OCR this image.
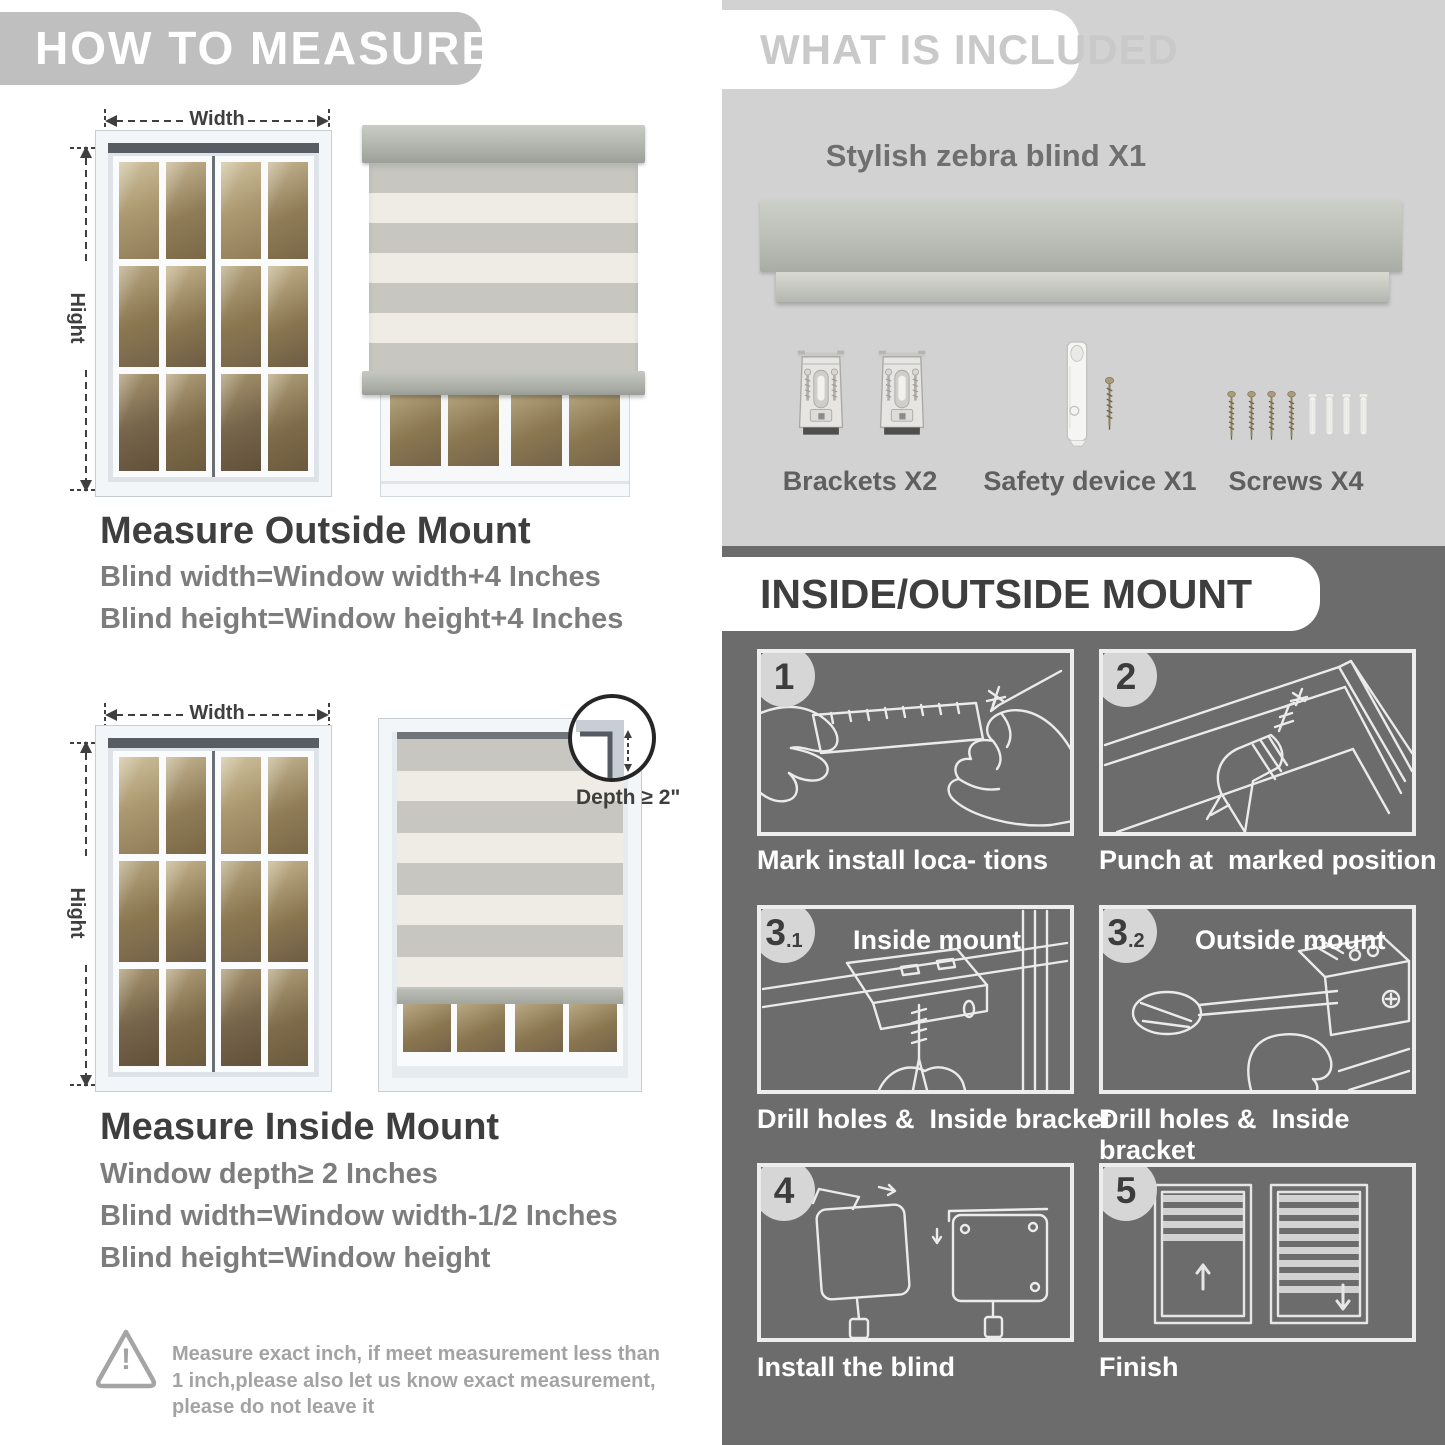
HOW TO MEASURE
Width
Hight
Measure Outside Mount
Blind width=Window width+4 Inches
Blind height=Window height+4 Inches
Width
Hight
Depth ≥ 2"
Measure Inside Mount
Window depth≥ 2 Inches
Blind width=Window width-1/2 Inches
Blind height=Window height
!	Measure exact inch, if meet measurement less than 1 inch,please also let us know exact measurement, please do not leave it

WHAT IS INCLUDED
Stylish zebra blind X1
Brackets X2	Safety device X1	Screws X4
INSIDE/OUTSIDE MOUNT
1
Mark install loca- tions
2
Punch at  marked position
3 .1 Inside mount
Drill holes &  Inside bracket
3 .2 Outside mount
Drill holes &  Inside bracket
4
Install the blind
5
Finish
